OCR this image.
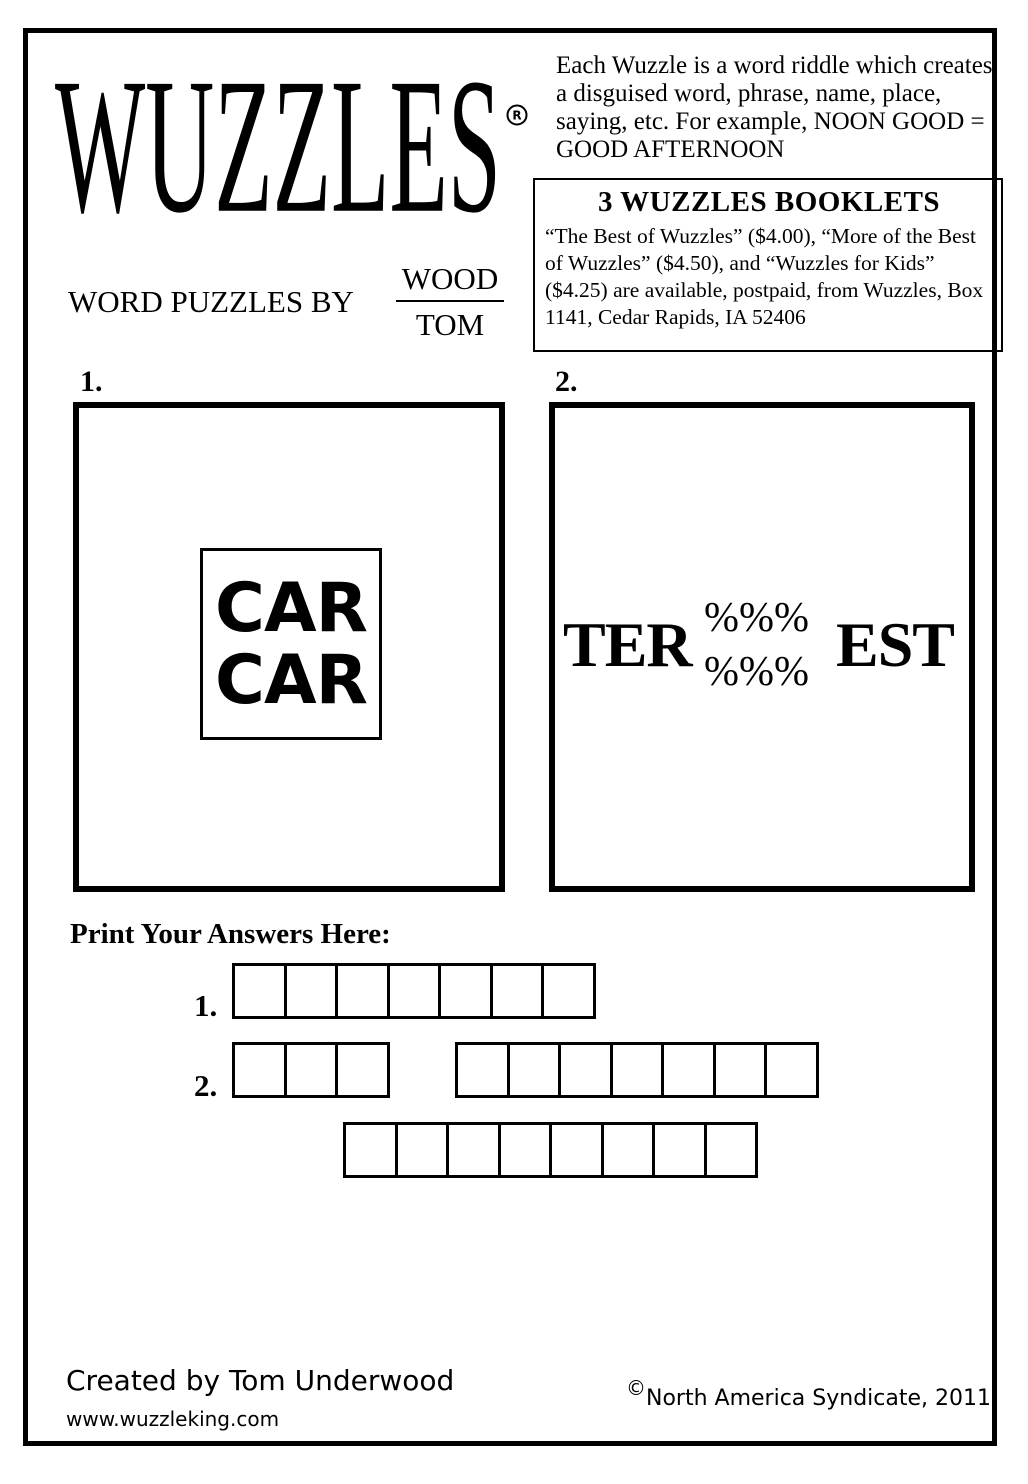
WUZZLES R
WORD PUZZLES BY
WOOD
TOM
Each Wuzzle is a word riddle which creates a disguised word, phrase, name, place, saying, etc. For example, NOON GOOD = GOOD AFTERNOON
3 WUZZLES BOOKLETS

“The Best of Wuzzles” ($4.00), “More of the Best of Wuzzles” ($4.50), and “Wuzzles for Kids” ($4.25) are available, postpaid, from Wuzzles, Box 1141, Cedar Rapids, IA 52406

1.
CAR
CAR
2.
TER %%%
%%% EST
Print Your Answers Here:
1.
2.
Created by Tom Underwood
www.wuzzleking.com
© North America Syndicate, 2011
